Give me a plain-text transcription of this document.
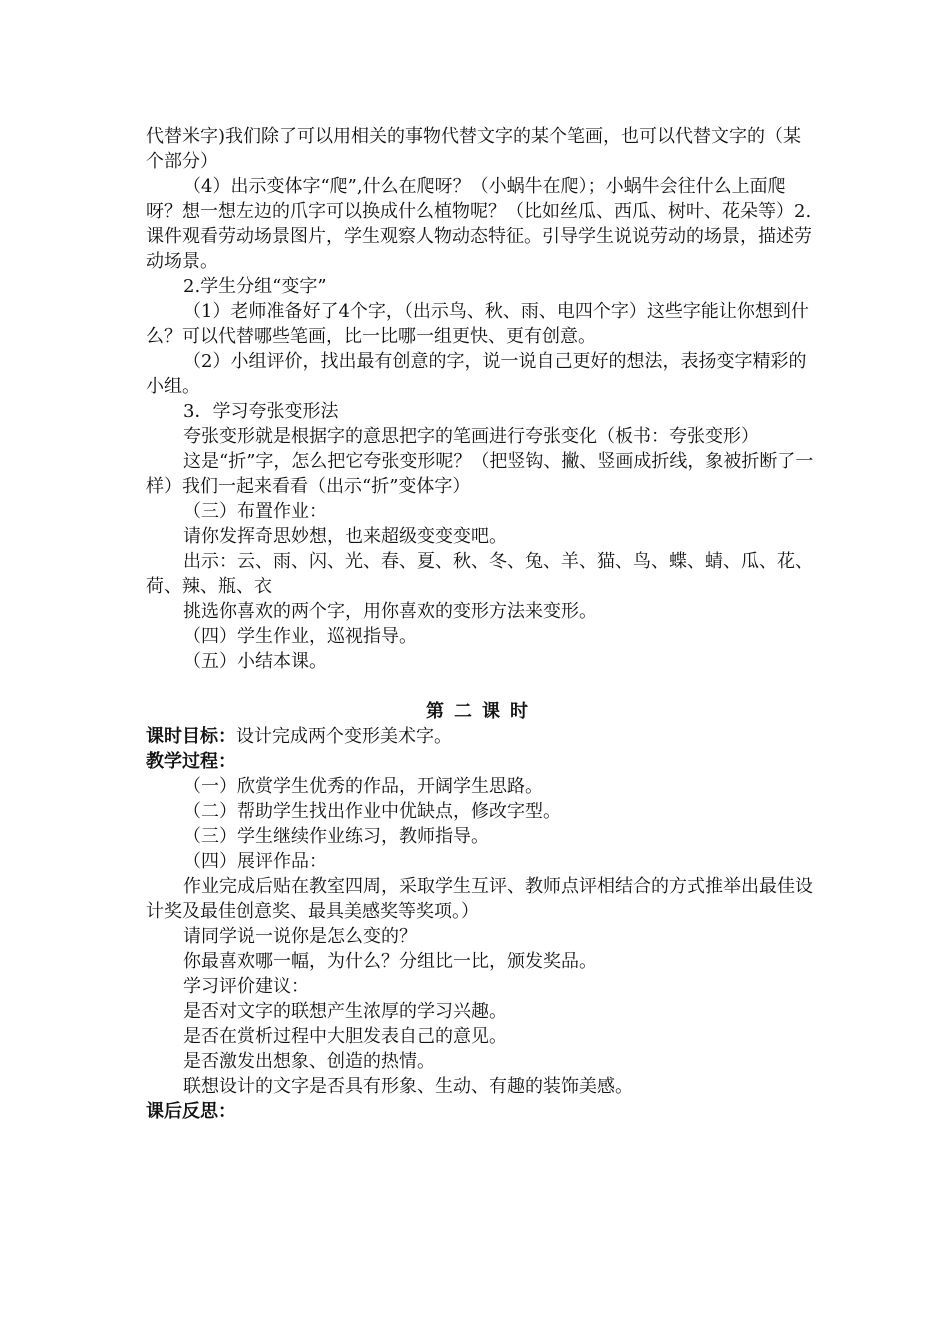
代替米字)我们除了可以用相关的事物代替文字的某个笔画，也可以代替文字的（某个部分）

（4）出示变体字“爬”,什么在爬呀？（小蜗牛在爬）；小蜗牛会往什么上面爬呀？想一想左边的爪字可以换成什么植物呢？（比如丝瓜、西瓜、树叶、花朵等）2.课件观看劳动场景图片，学生观察人物动态特征。引导学生说说劳动的场景，描述劳动场景。

2.学生分组“变字”

（1）老师准备好了4个字，（出示鸟、秋、雨、电四个字）这些字能让你想到什么？可以代替哪些笔画，比一比哪一组更快、更有创意。

（2）小组评价，找出最有创意的字，说一说自己更好的想法，表扬变字精彩的小组。

3．学习夸张变形法

夸张变形就是根据字的意思把字的笔画进行夸张变化（板书：夸张变形）

这是“折”字，怎么把它夸张变形呢？（把竖钩、撇、竖画成折线，象被折断了一样）我们一起来看看（出示“折”变体字）

（三）布置作业：

请你发挥奇思妙想，也来超级变变变吧。

出示：云、雨、闪、光、春、夏、秋、冬、兔、羊、猫、鸟、蝶、蜻、瓜、花、荷、辣、瓶、衣

挑选你喜欢的两个字，用你喜欢的变形方法来变形。

（四）学生作业，巡视指导。

（五）小结本课。

第二课时

课时目标：设计完成两个变形美术字。

教学过程：

（一）欣赏学生优秀的作品，开阔学生思路。

（二）帮助学生找出作业中优缺点，修改字型。

（三）学生继续作业练习，教师指导。

（四）展评作品：

作业完成后贴在教室四周，采取学生互评、教师点评相结合的方式推举出最佳设计奖及最佳创意奖、最具美感奖等奖项。）

请同学说一说你是怎么变的？

你最喜欢哪一幅，为什么？分组比一比，颁发奖品。

学习评价建议：

是否对文字的联想产生浓厚的学习兴趣。

是否在赏析过程中大胆发表自己的意见。

是否激发出想象、创造的热情。

联想设计的文字是否具有形象、生动、有趣的装饰美感。

课后反思：
